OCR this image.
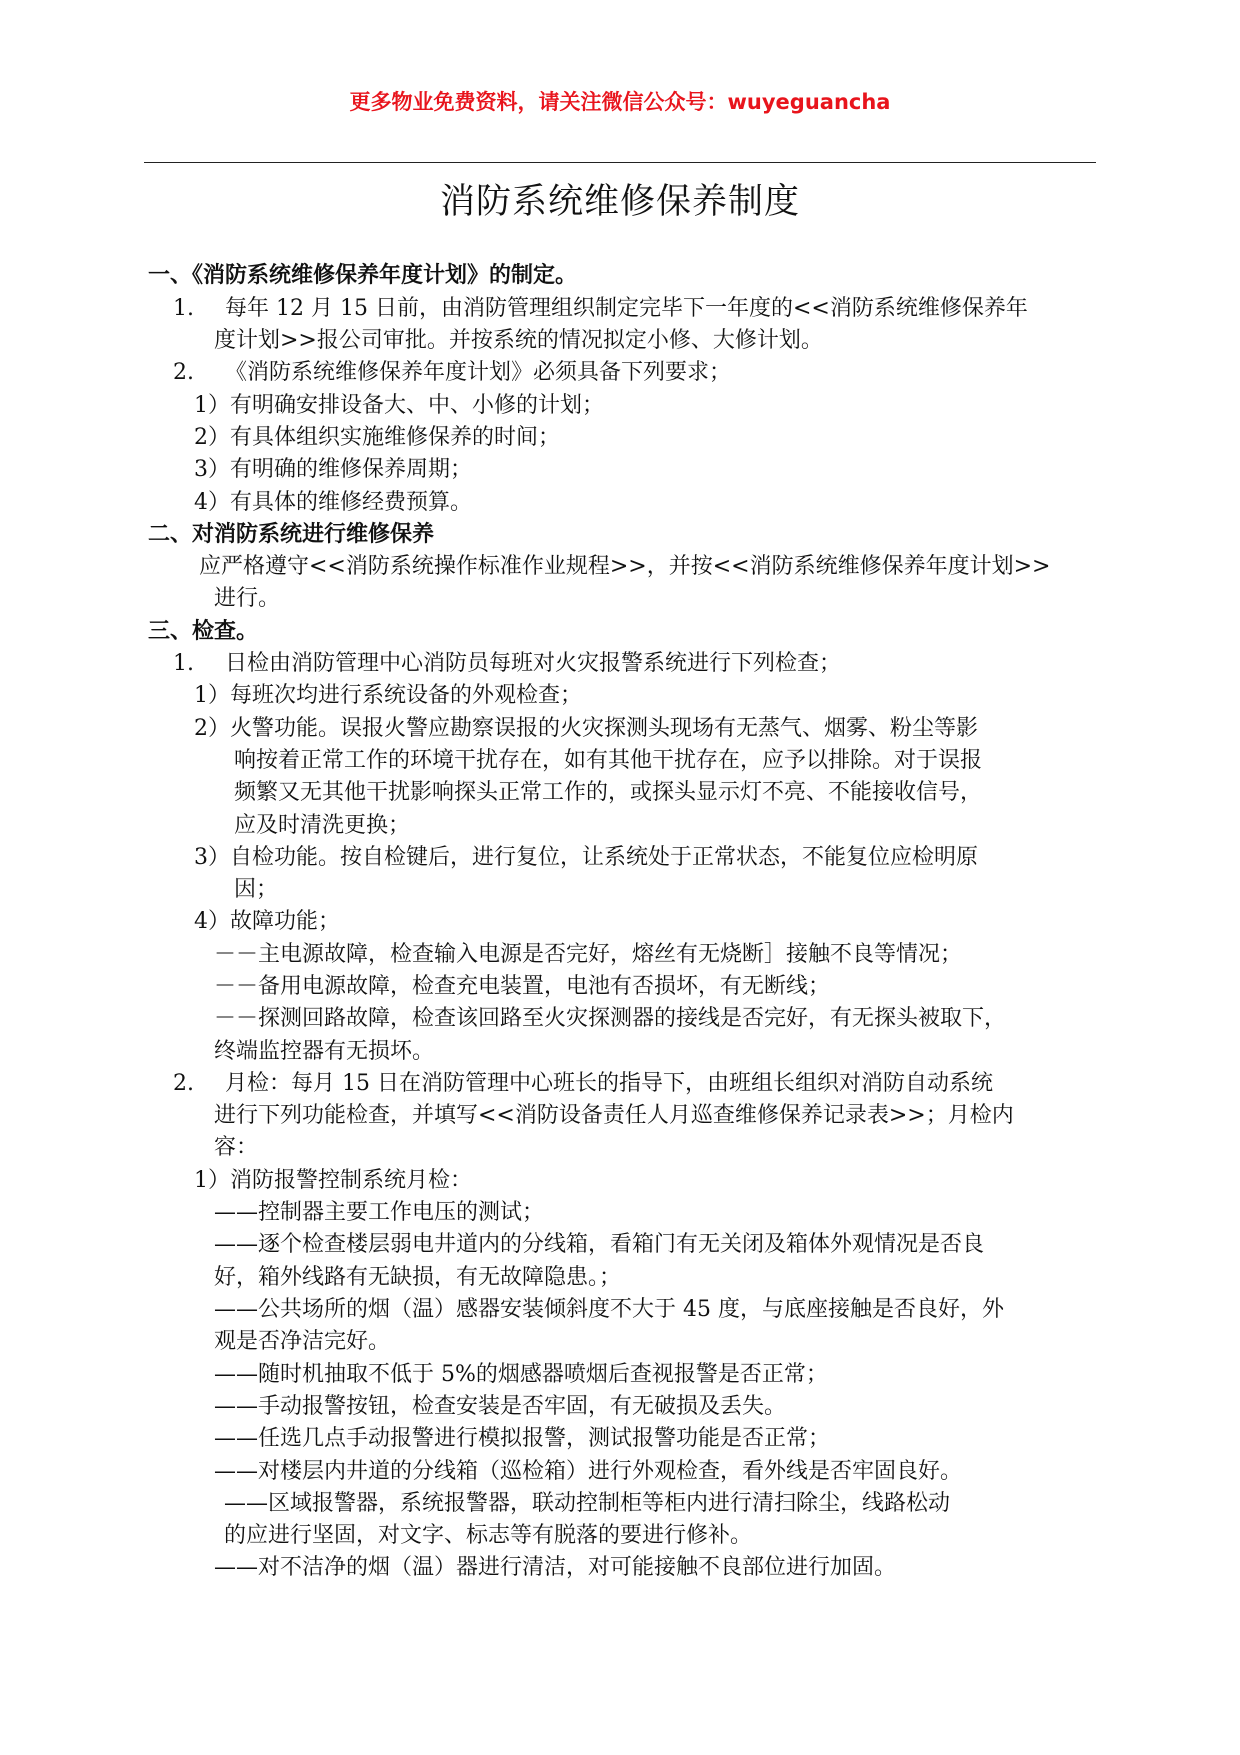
更多物业免费资料，请关注微信公众号：wuyeguancha
消防系统维修保养制度
一、《消防系统维修保养年度计划》的制定。
1. 每年 12 月 15 日前，由消防管理组织制定完毕下一年度的<<消防系统维修保养年
度计划>>报公司审批。并按系统的情况拟定小修、大修计划。
2. 《消防系统维修保养年度计划》必须具备下列要求；
1）有明确安排设备大、中、小修的计划；
2）有具体组织实施维修保养的时间；
3）有明确的维修保养周期；
4）有具体的维修经费预算。
二、对消防系统进行维修保养
应严格遵守<<消防系统操作标准作业规程>>，并按<<消防系统维修保养年度计划>>
进行。
三、检查。
1. 日检由消防管理中心消防员每班对火灾报警系统进行下列检查；
1）每班次均进行系统设备的外观检查；
2）火警功能。误报火警应勘察误报的火灾探测头现场有无蒸气、烟雾、粉尘等影
响按着正常工作的环境干扰存在，如有其他干扰存在，应予以排除。对于误报
频繁又无其他干扰影响探头正常工作的，或探头显示灯不亮、不能接收信号，
应及时清洗更换；
3）自检功能。按自检键后，进行复位，让系统处于正常状态，不能复位应检明原
因；
4）故障功能；
－－主电源故障，检查输入电源是否完好，熔丝有无烧断］接触不良等情况；
－－备用电源故障，检查充电装置，电池有否损坏，有无断线；
－－探测回路故障，检查该回路至火灾探测器的接线是否完好，有无探头被取下，
终端监控器有无损坏。
2. 月检：每月 15 日在消防管理中心班长的指导下，由班组长组织对消防自动系统
进行下列功能检查，并填写<<消防设备责任人月巡查维修保养记录表>>；月检内
容：
1）消防报警控制系统月检：
——控制器主要工作电压的测试；
——逐个检查楼层弱电井道内的分线箱，看箱门有无关闭及箱体外观情况是否良
好，箱外线路有无缺损，有无故障隐患。；
——公共场所的烟（温）感器安装倾斜度不大于 45 度，与底座接触是否良好，外
观是否净洁完好。
——随时机抽取不低于 5%的烟感器喷烟后查视报警是否正常；
——手动报警按钮，检查安装是否牢固，有无破损及丢失。
——任选几点手动报警进行模拟报警，测试报警功能是否正常；
——对楼层内井道的分线箱（巡检箱）进行外观检查，看外线是否牢固良好。
——区域报警器，系统报警器，联动控制柜等柜内进行清扫除尘，线路松动
的应进行坚固，对文字、标志等有脱落的要进行修补。
——对不洁净的烟（温）器进行清洁，对可能接触不良部位进行加固。
